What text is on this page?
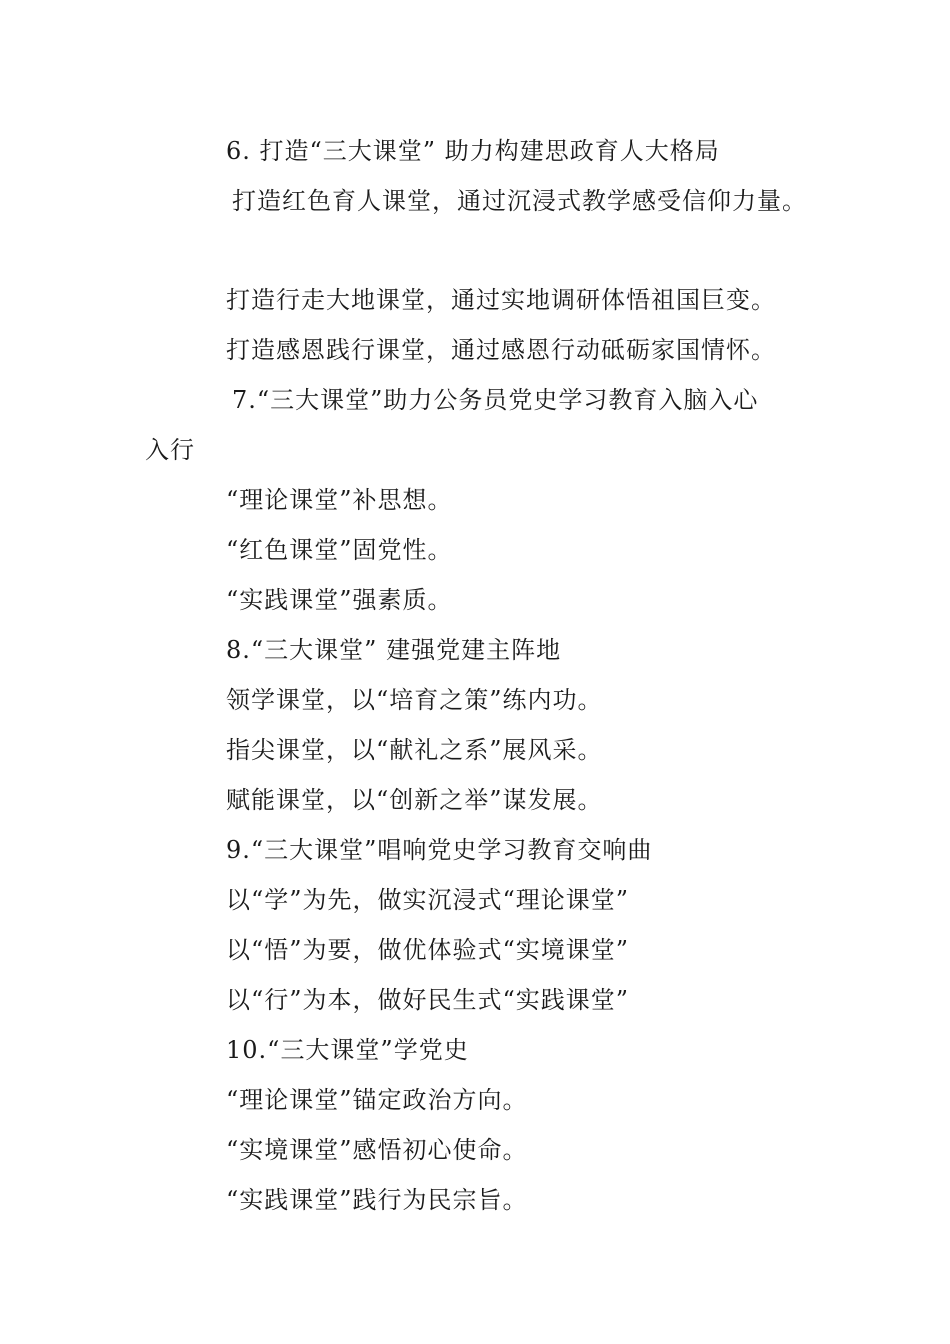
6. 打造“三大课堂” 助力构建思政育人大格局
打造红色育人课堂，通过沉浸式教学感受信仰力量。
打造行走大地课堂，通过实地调研体悟祖国巨变。
打造感恩践行课堂，通过感恩行动砥砺家国情怀。
7.“三大课堂”助力公务员党史学习教育入脑入心
入行
“理论课堂”补思想。
“红色课堂”固党性。
“实践课堂”强素质。
8.“三大课堂” 建强党建主阵地
领学课堂，以“培育之策”练内功。
指尖课堂，以“献礼之系”展风采。
赋能课堂，以“创新之举”谋发展。
9.“三大课堂”唱响党史学习教育交响曲
以“学”为先，做实沉浸式“理论课堂”
以“悟”为要，做优体验式“实境课堂”
以“行”为本，做好民生式“实践课堂”
10.“三大课堂”学党史
“理论课堂”锚定政治方向。
“实境课堂”感悟初心使命。
“实践课堂”践行为民宗旨。
